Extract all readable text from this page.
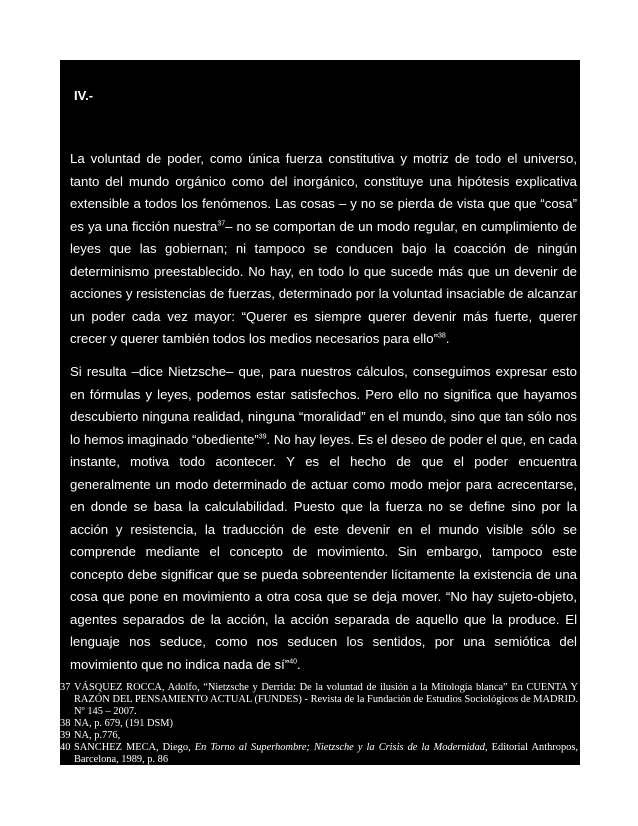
IV.-

La voluntad de poder, como única fuerza constitutiva y motriz de todo el universo, tanto del mundo orgánico como del inorgánico, constituye una hipótesis explicativa extensible a todos los fenómenos. Las cosas – y no se pierda de vista que que “cosa” es ya una ficción nuestra$^{37}$– no se comportan de un modo regular, en cumplimiento de leyes que las gobiernan; ni tampoco se conducen bajo la coacción de ningún determinismo preestablecido. No hay, en todo lo que sucede más que un devenir de acciones y resistencias de fuerzas, determinado por la voluntad insaciable de alcanzar un poder cada vez mayor: “Querer es siempre querer devenir más fuerte, querer crecer y querer también todos los medios necesarios para ello”$^{38}$.

Si resulta –dice Nietzsche– que, para nuestros cálculos, conseguimos expresar esto en fórmulas y leyes, podemos estar satisfechos. Pero ello no significa que hayamos descubierto ninguna realidad, ninguna “moralidad” en el mundo, sino que tan sólo nos lo hemos imaginado “obediente”$^{39}$. No hay leyes. Es el deseo de poder el que, en cada instante, motiva todo acontecer. Y es el hecho de que el poder encuentra generalmente un modo determinado de actuar como modo mejor para acrecentarse, en donde se basa la calculabilidad. Puesto que la fuerza no se define sino por la acción y resistencia, la traducción de este devenir en el mundo visible sólo se comprende mediante el concepto de movimiento. Sin embargo, tampoco este concepto debe significar que se pueda sobreentender lícitamente la existencia de una cosa que pone en movimiento a otra cosa que se deja mover. “No hay sujeto-objeto, agentes separados de la acción, la acción separada de aquello que la produce. El lenguaje nos seduce, como nos seducen los sentidos, por una semiótica del movimiento que no indica nada de sí”$^{40}$.

37 VÁSQUEZ ROCCA, Adolfo, “Nietzsche y Derrida: De la voluntad de ilusión a la Mitología blanca” En CUENTA Y RAZÓN DEL PENSAMIENTO ACTUAL (FUNDES) - Revista de la Fundación de Estudios Sociológicos de MADRID. Nº 145 – 2007.

38 NA, p. 679, (191 DSM)

39 NA, p.776,

40 SANCHEZ MECA, Diego, En Torno al Superhombre; Nietzsche y la Crisis de la Modernidad, Editorial Anthropos, Barcelona, 1989, p. 86
